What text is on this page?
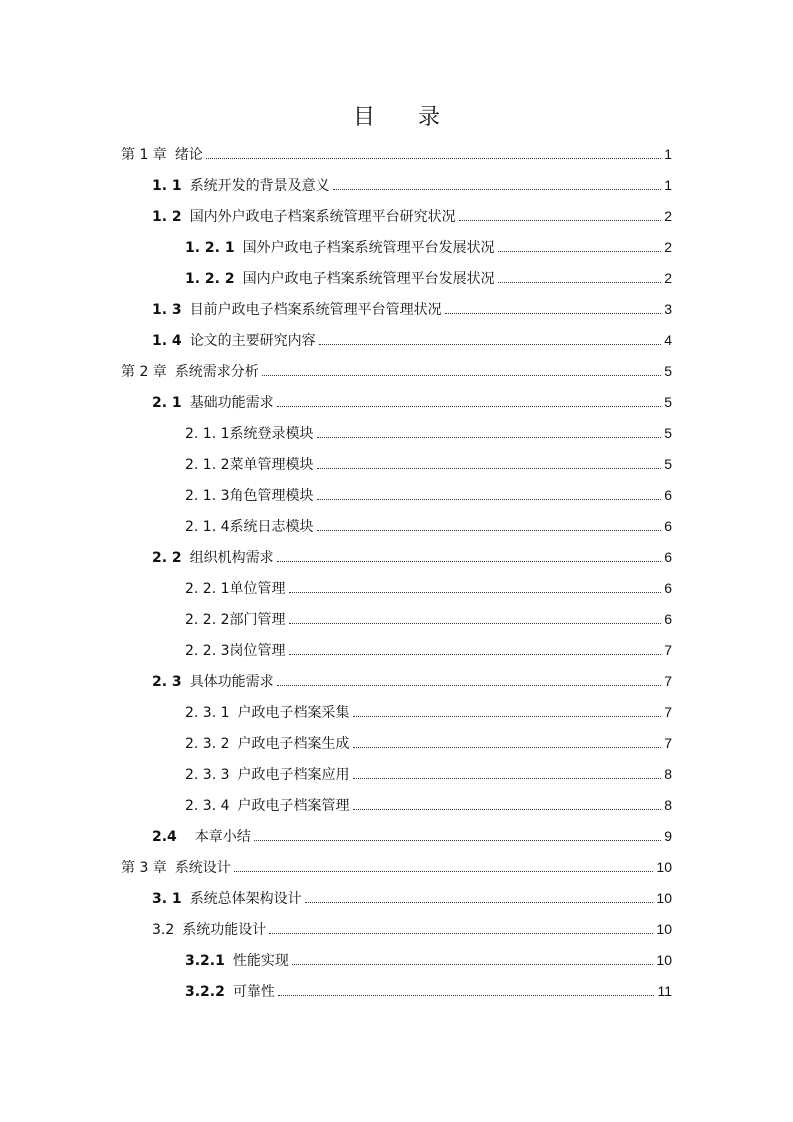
目 录
第 1 章 绪论	1
1. 1 系统开发的背景及意义	1
1. 2 国内外户政电子档案系统管理平台研究状况	2
1. 2. 1 国外户政电子档案系统管理平台发展状况	2
1. 2. 2 国内户政电子档案系统管理平台发展状况	2
1. 3 目前户政电子档案系统管理平台管理状况	3
1. 4 论文的主要研究内容	4
第 2 章 系统需求分析	5
2. 1 基础功能需求	5
2. 1. 1 系统登录模块	5
2. 1. 2 菜单管理模块	5
2. 1. 3 角色管理模块	6
2. 1. 4 系统日志模块	6
2. 2 组织机构需求	6
2. 2. 1 单位管理	6
2. 2. 2 部门管理	6
2. 2. 3 岗位管理	7
2. 3 具体功能需求	7
2. 3. 1 户政电子档案采集	7
2. 3. 2 户政电子档案生成	7
2. 3. 3 户政电子档案应用	8
2. 3. 4 户政电子档案管理	8
2.4 本章小结	9
第 3 章 系统设计	10
3. 1 系统总体架构设计	10
3.2 系统功能设计	10
3.2.1 性能实现	10
3.2.2 可靠性	11
